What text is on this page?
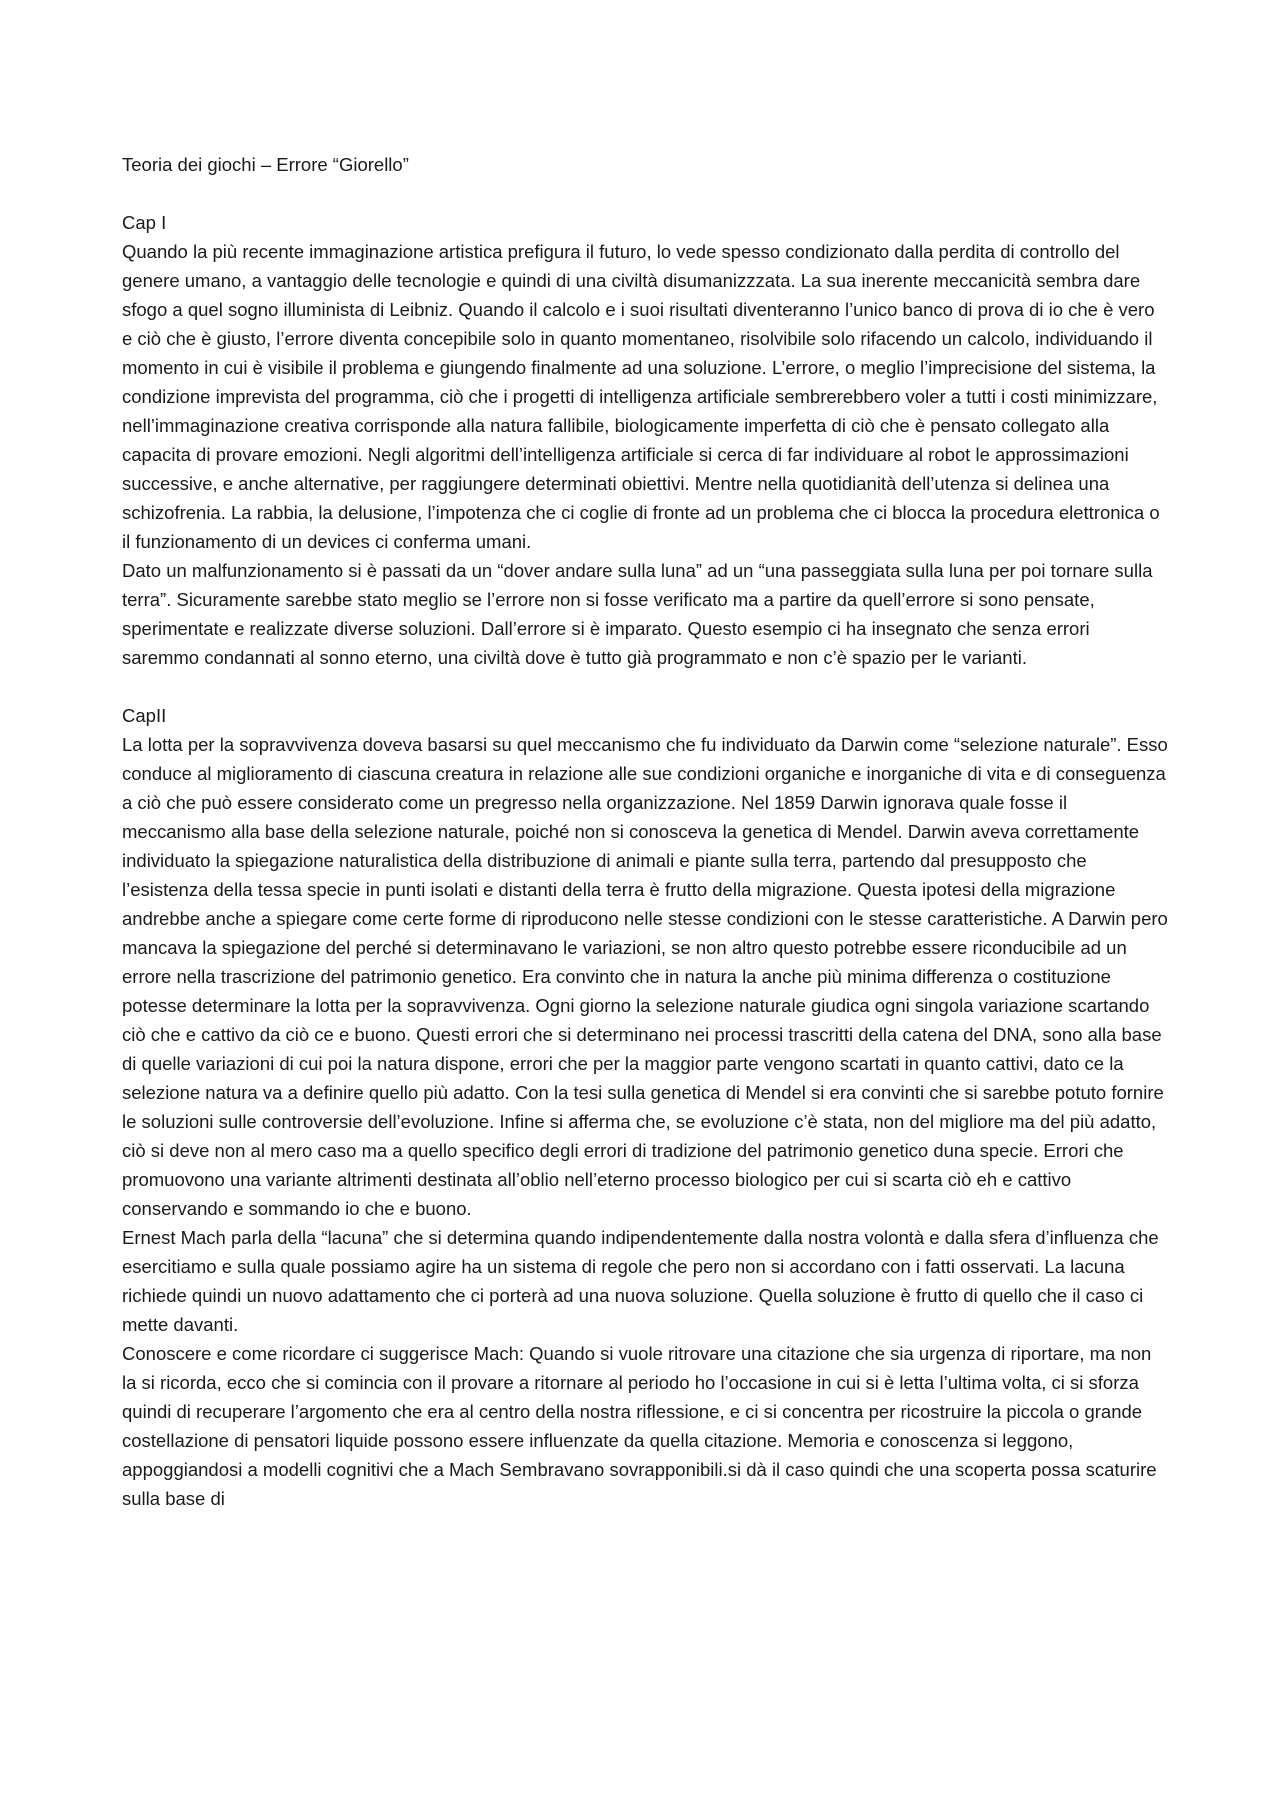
Teoria dei giochi – Errore “Giorello”

Cap I

Quando la più recente immaginazione artistica prefigura il futuro, lo vede spesso condizionato dalla perdita di controllo del genere umano, a vantaggio delle tecnologie e quindi di una civiltà disumanizzzata. La sua inerente meccanicità sembra dare sfogo a quel sogno illuminista di Leibniz. Quando il calcolo e i suoi risultati diventeranno l’unico banco di prova di io che è vero e ciò che è giusto, l’errore diventa concepibile solo in quanto momentaneo, risolvibile solo rifacendo un calcolo, individuando il momento in cui è visibile il problema e giungendo finalmente ad una soluzione. L’errore, o meglio l’imprecisione del sistema, la condizione imprevista del programma, ciò che i progetti di intelligenza artificiale sembrerebbero voler a tutti i costi minimizzare, nell’immaginazione creativa corrisponde alla natura fallibile, biologicamente imperfetta di ciò che è pensato collegato alla capacita di provare emozioni. Negli algoritmi dell’intelligenza artificiale si cerca di far individuare al robot le approssimazioni successive, e anche alternative, per raggiungere determinati obiettivi. Mentre nella quotidianità dell’utenza si delinea una schizofrenia. La rabbia, la delusione, l’impotenza che ci coglie di fronte ad un problema che ci blocca la procedura elettronica o il funzionamento di un devices ci conferma umani.

Dato un malfunzionamento si è passati da un “dover andare sulla luna” ad un “una passeggiata sulla luna per poi tornare sulla terra”. Sicuramente sarebbe stato meglio se l’errore non si fosse verificato ma a partire da quell’errore si sono pensate, sperimentate e realizzate diverse soluzioni. Dall’errore si è imparato. Questo esempio ci ha insegnato che senza errori saremmo condannati al sonno eterno, una civiltà dove è tutto già programmato e non c’è spazio per le varianti.

CapII

La lotta per la sopravvivenza doveva basarsi su quel meccanismo che fu individuato da Darwin come “selezione naturale”. Esso conduce al miglioramento di ciascuna creatura in relazione alle sue condizioni organiche e inorganiche di vita e di conseguenza a ciò che può essere considerato come un pregresso nella organizzazione. Nel 1859 Darwin ignorava quale fosse il meccanismo alla base della selezione naturale, poiché non si conosceva la genetica di Mendel. Darwin aveva correttamente individuato la spiegazione naturalistica della distribuzione di animali e piante sulla terra, partendo dal presupposto che l’esistenza della tessa specie in punti isolati e distanti della terra è frutto della migrazione. Questa ipotesi della migrazione andrebbe anche a spiegare come certe forme di riproducono nelle stesse condizioni con le stesse caratteristiche. A Darwin pero mancava la spiegazione del perché si determinavano le variazioni, se non altro questo potrebbe essere riconducibile ad un errore nella trascrizione del patrimonio genetico. Era convinto che in natura la anche più minima differenza o costituzione potesse determinare la lotta per la sopravvivenza. Ogni giorno la selezione naturale giudica ogni singola variazione scartando ciò che e cattivo da ciò ce e buono. Questi errori che si determinano nei processi trascritti della catena del DNA, sono alla base di quelle variazioni di cui poi la natura dispone, errori che per la maggior parte vengono scartati in quanto cattivi, dato ce la selezione natura va a definire quello più adatto. Con la tesi sulla genetica di Mendel si era convinti che si sarebbe potuto fornire le soluzioni sulle controversie dell’evoluzione. Infine si afferma che, se evoluzione c’è stata, non del migliore ma del più adatto, ciò si deve non al mero caso ma a quello specifico degli errori di tradizione del patrimonio genetico duna specie. Errori che promuovono una variante altrimenti destinata all’oblio nell’eterno processo biologico per cui si scarta ciò eh e cattivo conservando e sommando io che e buono.

Ernest Mach parla della “lacuna” che si determina quando indipendentemente dalla nostra volontà e dalla sfera d’influenza che esercitiamo e sulla quale possiamo agire ha un sistema di regole che pero non si accordano con i fatti osservati. La lacuna richiede quindi un nuovo adattamento che ci porterà ad una nuova soluzione. Quella soluzione è frutto di quello che il caso ci mette davanti.

Conoscere e come ricordare ci suggerisce Mach: Quando si vuole ritrovare una citazione che sia urgenza di riportare, ma non la si ricorda, ecco che si comincia con il provare a ritornare al periodo ho l’occasione in cui si è letta l’ultima volta, ci si sforza quindi di recuperare l’argomento che era al centro della nostra riflessione, e ci si concentra per ricostruire la piccola o grande costellazione di pensatori liquide possono essere influenzate da quella citazione. Memoria e conoscenza si leggono, appoggiandosi a modelli cognitivi che a Mach Sembravano sovrapponibili.si dà il caso quindi che una scoperta possa scaturire sulla base di
